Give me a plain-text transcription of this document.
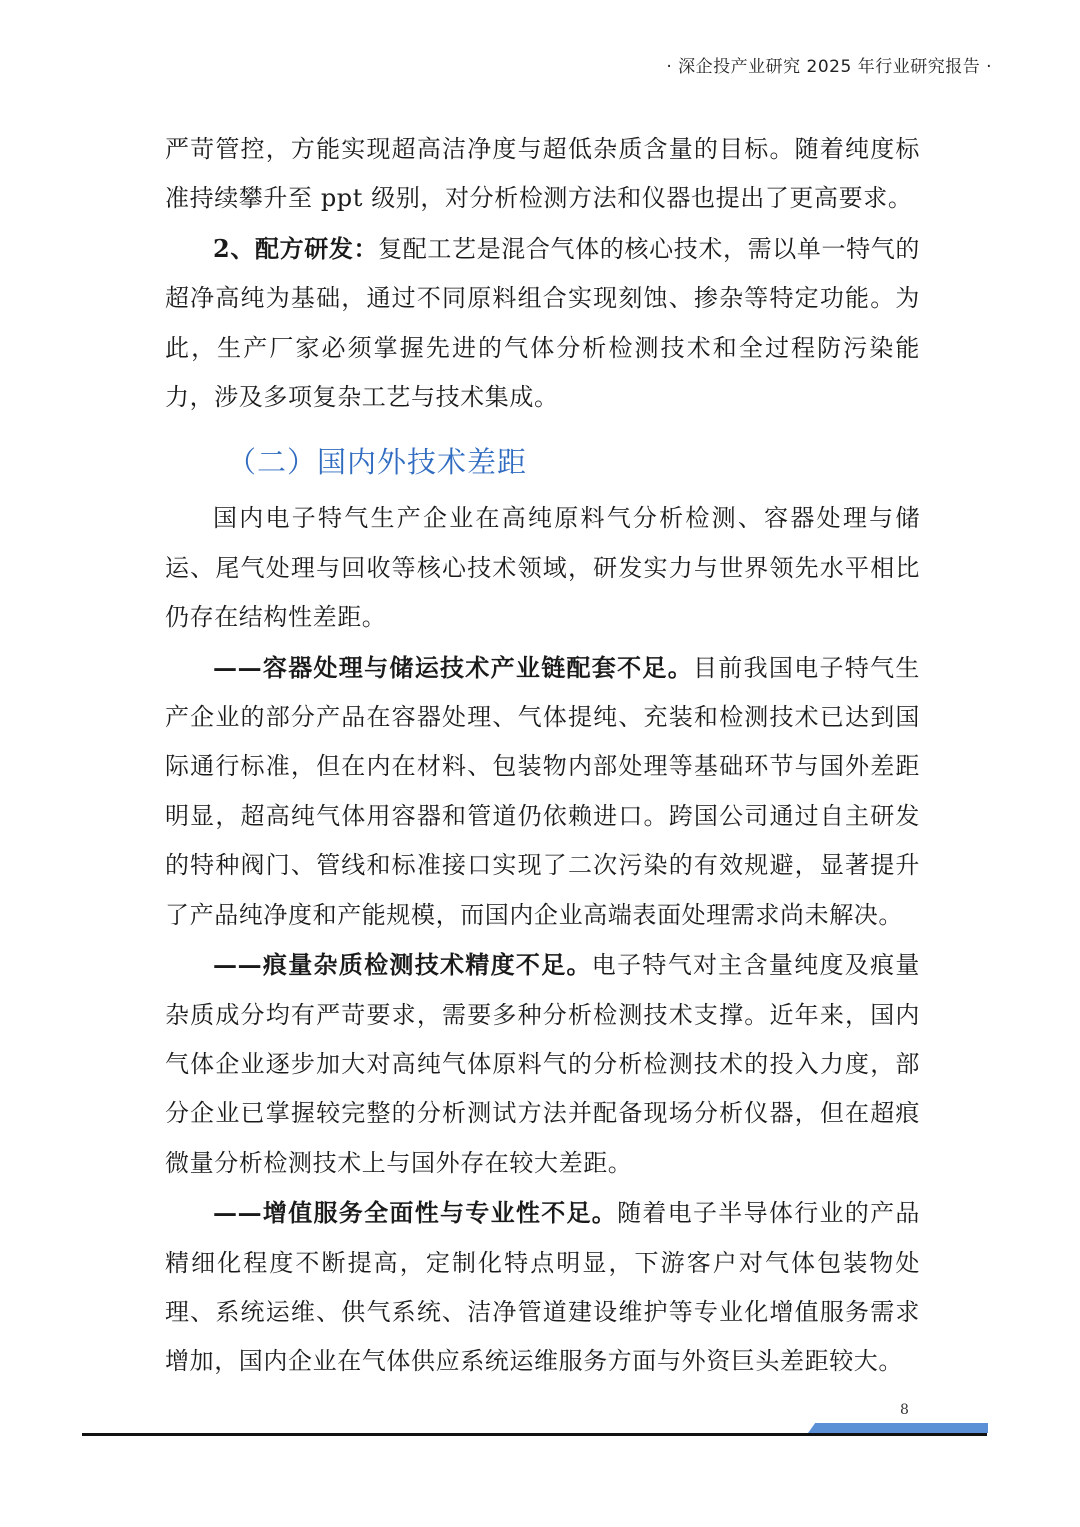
· 深企投产业研究 2025 年行业研究报告 ·

严苛管控，方能实现超高洁净度与超低杂质含量的目标。随着纯度标准持续攀升至 ppt 级别，对分析检测方法和仪器也提出了更高要求。

2、配方研发：复配工艺是混合气体的核心技术，需以单一特气的超净高纯为基础，通过不同原料组合实现刻蚀、掺杂等特定功能。为此，生产厂家必须掌握先进的气体分析检测技术和全过程防污染能力，涉及多项复杂工艺与技术集成。

（二）国内外技术差距

国内电子特气生产企业在高纯原料气分析检测、容器处理与储运、尾气处理与回收等核心技术领域，研发实力与世界领先水平相比仍存在结构性差距。

——容器处理与储运技术产业链配套不足。目前我国电子特气生产企业的部分产品在容器处理、气体提纯、充装和检测技术已达到国际通行标准，但在内在材料、包装物内部处理等基础环节与国外差距明显，超高纯气体用容器和管道仍依赖进口。跨国公司通过自主研发的特种阀门、管线和标准接口实现了二次污染的有效规避，显著提升了产品纯净度和产能规模，而国内企业高端表面处理需求尚未解决。

——痕量杂质检测技术精度不足。电子特气对主含量纯度及痕量杂质成分均有严苛要求，需要多种分析检测技术支撑。近年来，国内气体企业逐步加大对高纯气体原料气的分析检测技术的投入力度，部分企业已掌握较完整的分析测试方法并配备现场分析仪器，但在超痕微量分析检测技术上与国外存在较大差距。

——增值服务全面性与专业性不足。随着电子半导体行业的产品精细化程度不断提高，定制化特点明显，下游客户对气体包装物处理、系统运维、供气系统、洁净管道建设维护等专业化增值服务需求增加，国内企业在气体供应系统运维服务方面与外资巨头差距较大。

8
